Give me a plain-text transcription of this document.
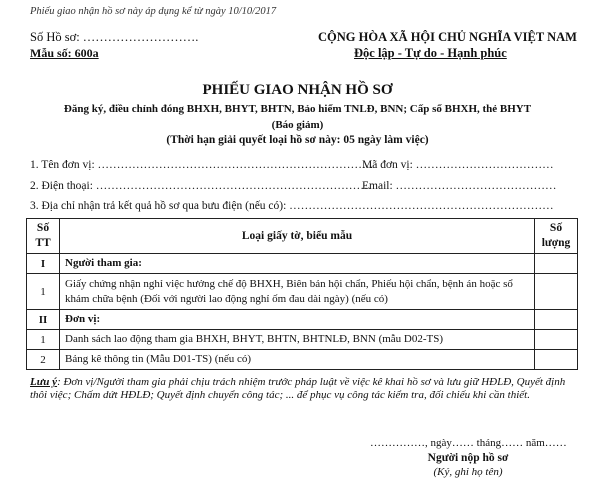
Phiếu giao nhận hồ sơ này áp dụng kể từ ngày 10/10/2017
Số Hồ sơ: ……………………….
Mẫu số: 600a
CỘNG HÒA XÃ HỘI CHỦ NGHĨA VIỆT NAM
Độc lập - Tự do - Hạnh phúc
PHIẾU GIAO NHẬN HỒ SƠ
Đăng ký, điều chỉnh đóng BHXH, BHYT, BHTN, Bảo hiểm TNLĐ, BNN; Cấp sổ BHXH, thẻ BHYT
(Báo giảm)
(Thời hạn giải quyết loại hồ sơ này: 05 ngày làm việc)
1. Tên đơn vị: ………………………………………………………………
Mã đơn vị: ………………………………
2. Điện thoại: ………………………………………………………………
Email: ……………………………………
3. Địa chỉ nhận trả kết quả hồ sơ qua bưu điện (nếu có): ……………………………………………………………
Số TT	Loại giấy tờ, biểu mẫu	Số lượng
I	Người tham gia:	
1	Giấy chứng nhận nghỉ việc hưởng chế độ BHXH, Biên bản hội chẩn, Phiếu hội chẩn, bệnh án hoặc sổ khám chữa bệnh (Đối với người lao động nghỉ ốm đau dài ngày) (nếu có)	
II	Đơn vị:	
1	Danh sách lao động tham gia BHXH, BHYT, BHTN, BHTNLĐ, BNN (mẫu D02-TS)	
2	Bảng kê thông tin (Mẫu D01-TS) (nếu có)	
Lưu ý: Đơn vị/Người tham gia phải chịu trách nhiệm trước pháp luật về việc kê khai hồ sơ và lưu giữ HĐLĐ, Quyết định thôi việc; Chấm dứt HĐLĐ; Quyết định chuyển công tác; ... để phục vụ công tác kiểm tra, đối chiếu khi cần thiết.
……………, ngày…… tháng…… năm……
Người nộp hồ sơ
(Ký, ghi họ tên)
